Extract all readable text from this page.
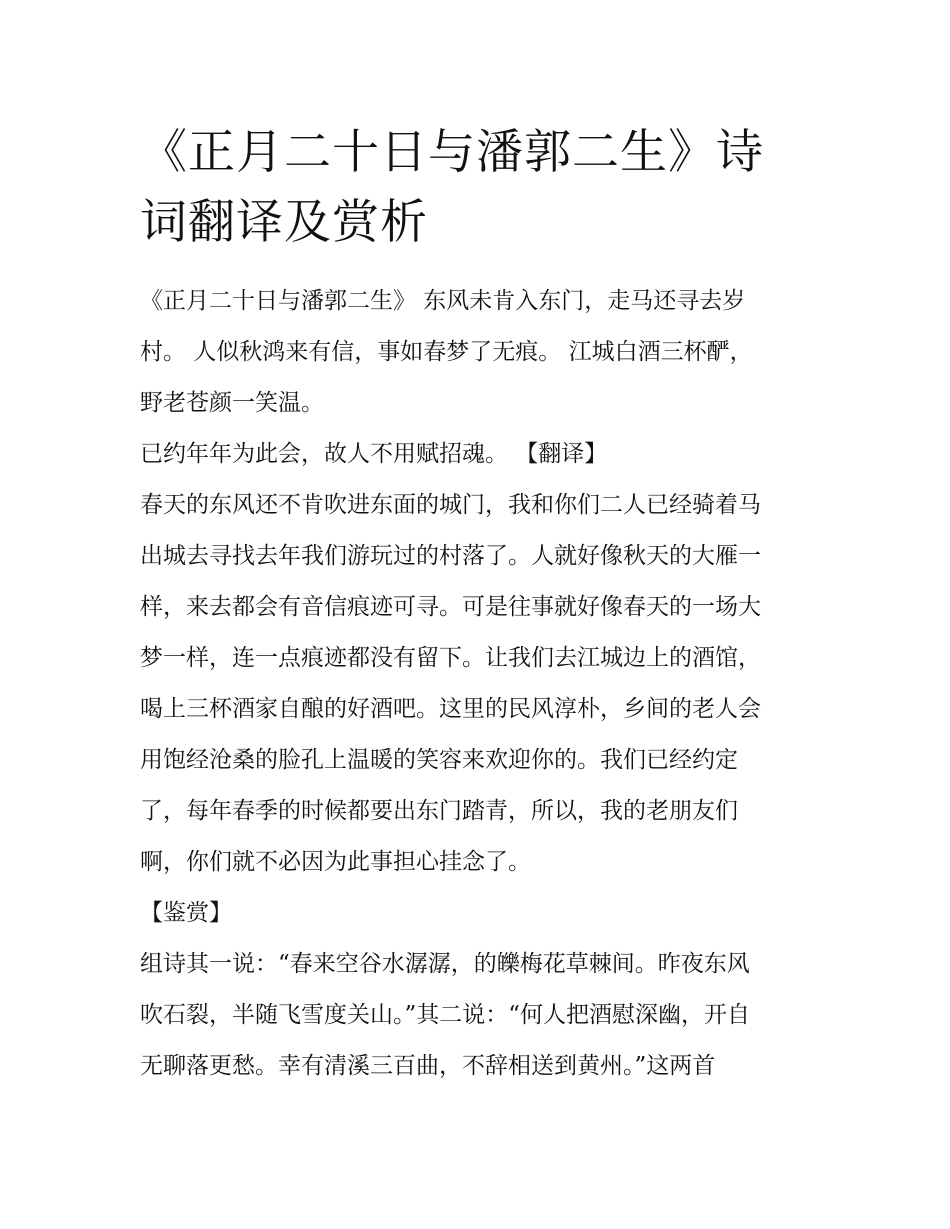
《正月二十日与潘郭二生》诗
词翻译及赏析
《正月二十日与潘郭二生》 东风未肯入东门，走马还寻去岁
村。 人似秋鸿来有信，事如春梦了无痕。 江城白酒三杯酽，
野老苍颜一笑温。
已约年年为此会，故人不用赋招魂。 【翻译】
春天的东风还不肯吹进东面的城门，我和你们二人已经骑着马
出城去寻找去年我们游玩过的村落了。人就好像秋天的大雁一
样，来去都会有音信痕迹可寻。可是往事就好像春天的一场大
梦一样，连一点痕迹都没有留下。让我们去江城边上的酒馆，
喝上三杯酒家自酿的好酒吧。这里的民风淳朴，乡间的老人会
用饱经沧桑的脸孔上温暖的笑容来欢迎你的。我们已经约定
了，每年春季的时候都要出东门踏青，所以，我的老朋友们
啊，你们就不必因为此事担心挂念了。
【鉴赏】
组诗其一说：“春来空谷水潺潺，的皪梅花草棘间。昨夜东风
吹石裂，半随飞雪度关山。”其二说：“何人把酒慰深幽，开自
无聊落更愁。幸有清溪三百曲，不辞相送到黄州。”这两首
